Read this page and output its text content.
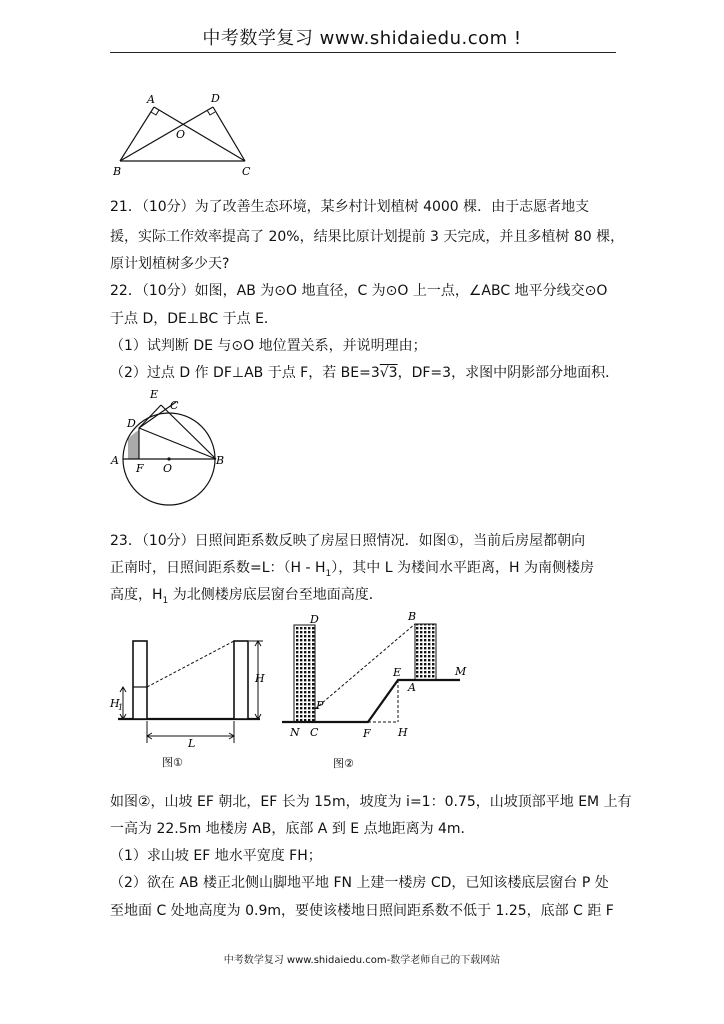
中考数学复习 www.shidaiedu.com !
A	D
O
B	C
21．（10分）为了改善生态环境，某乡村计划植树 4000 棵．由于志愿者地支
援，实际工作效率提高了 20%，结果比原计划提前 3 天完成，并且多植树 80 棵，
原计划植树多少天?
22．（10分）如图，AB 为⊙O 地直径，C 为⊙O 上一点，∠ABC 地平分线交⊙O
于点 D，DE⊥BC 于点 E．
（1）试判断 DE 与⊙O 地位置关系，并说明理由；
（2）过点 D 作 DF⊥AB 于点 F，若 BE=3√3，DF=3，求图中阴影部分地面积．
E
C
D
A
F O
B
23．（10分）日照间距系数反映了房屋日照情况．如图①，当前后房屋都朝向
正南时，日照间距系数=L：$(H - H_1)$，其中 L 为楼间水平距离，H 为南侧楼房
高度，$H_1$ 为北侧楼房底层窗台至地面高度．
H
1
H
L
图①
D	B
E	M
A
P
N C	F H
图②
如图②，山坡 EF 朝北，EF 长为 15m，坡度为 i=1：0.75，山坡顶部平地 EM 上有
一高为 22.5m 地楼房 AB，底部 A 到 E 点地距离为 4m．
（1）求山坡 EF 地水平宽度 FH；
（2）欲在 AB 楼正北侧山脚地平地 FN 上建一楼房 CD，已知该楼底层窗台 P 处
至地面 C 处地高度为 0.9m，要使该楼地日照间距系数不低于 1.25，底部 C 距 F
中考数学复习 www.shidaiedu.com-数学老师自己的下载网站
